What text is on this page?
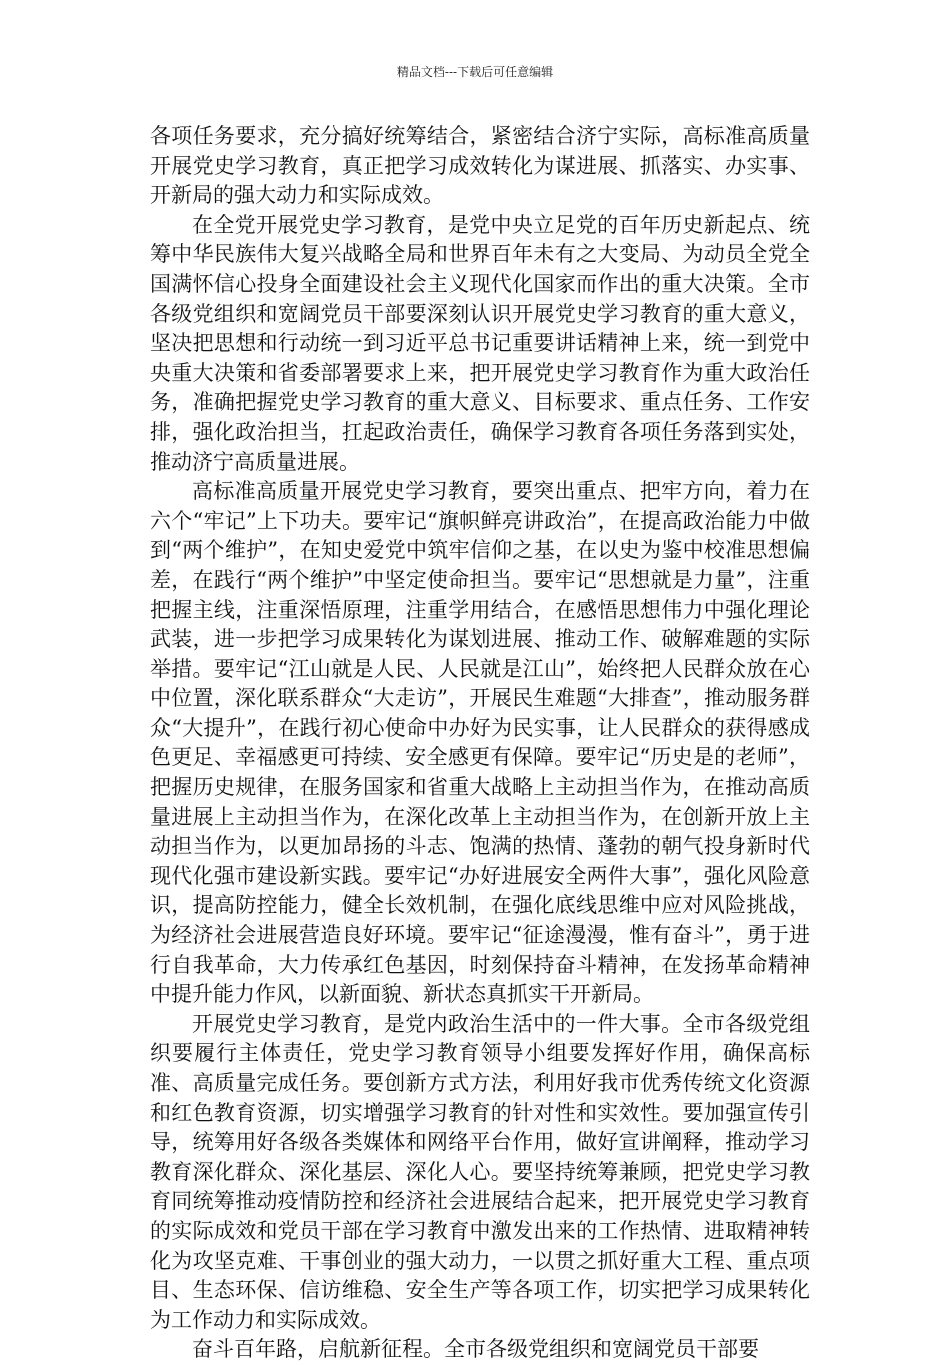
精品文档---下载后可任意编辑

各项任务要求，充分搞好统筹结合，紧密结合济宁实际，高标准高质量开展党史学习教育，真正把学习成效转化为谋进展、抓落实、办实事、开新局的强大动力和实际成效。

在全党开展党史学习教育，是党中央立足党的百年历史新起点、统筹中华民族伟大复兴战略全局和世界百年未有之大变局、为动员全党全国满怀信心投身全面建设社会主义现代化国家而作出的重大决策。全市各级党组织和宽阔党员干部要深刻认识开展党史学习教育的重大意义，坚决把思想和行动统一到习近平总书记重要讲话精神上来，统一到党中央重大决策和省委部署要求上来，把开展党史学习教育作为重大政治任务，准确把握党史学习教育的重大意义、目标要求、重点任务、工作安排，强化政治担当，扛起政治责任，确保学习教育各项任务落到实处，推动济宁高质量进展。

高标准高质量开展党史学习教育，要突出重点、把牢方向，着力在六个“牢记”上下功夫。要牢记“旗帜鲜亮讲政治”，在提高政治能力中做到“两个维护”，在知史爱党中筑牢信仰之基，在以史为鉴中校准思想偏差，在践行“两个维护”中坚定使命担当。要牢记“思想就是力量”，注重把握主线，注重深悟原理，注重学用结合，在感悟思想伟力中强化理论武装，进一步把学习成果转化为谋划进展、推动工作、破解难题的实际举措。要牢记“江山就是人民、人民就是江山”，始终把人民群众放在心中位置，深化联系群众“大走访”，开展民生难题“大排查”，推动服务群众“大提升”，在践行初心使命中办好为民实事，让人民群众的获得感成色更足、幸福感更可持续、安全感更有保障。要牢记“历史是的老师”，把握历史规律，在服务国家和省重大战略上主动担当作为，在推动高质量进展上主动担当作为，在深化改革上主动担当作为，在创新开放上主动担当作为，以更加昂扬的斗志、饱满的热情、蓬勃的朝气投身新时代现代化强市建设新实践。要牢记“办好进展安全两件大事”，强化风险意识，提高防控能力，健全长效机制，在强化底线思维中应对风险挑战，为经济社会进展营造良好环境。要牢记“征途漫漫，惟有奋斗”，勇于进行自我革命，大力传承红色基因，时刻保持奋斗精神，在发扬革命精神中提升能力作风，以新面貌、新状态真抓实干开新局。

开展党史学习教育，是党内政治生活中的一件大事。全市各级党组织要履行主体责任，党史学习教育领导小组要发挥好作用，确保高标准、高质量完成任务。要创新方式方法，利用好我市优秀传统文化资源和红色教育资源，切实增强学习教育的针对性和实效性。要加强宣传引导，统筹用好各级各类媒体和网络平台作用，做好宣讲阐释，推动学习教育深化群众、深化基层、深化人心。要坚持统筹兼顾，把党史学习教育同统筹推动疫情防控和经济社会进展结合起来，把开展党史学习教育的实际成效和党员干部在学习教育中激发出来的工作热情、进取精神转化为攻坚克难、干事创业的强大动力，一以贯之抓好重大工程、重点项目、生态环保、信访维稳、安全生产等各项工作，切实把学习成果转化为工作动力和实际成效。

奋斗百年路，启航新征程。全市各级党组织和宽阔党员干部要
